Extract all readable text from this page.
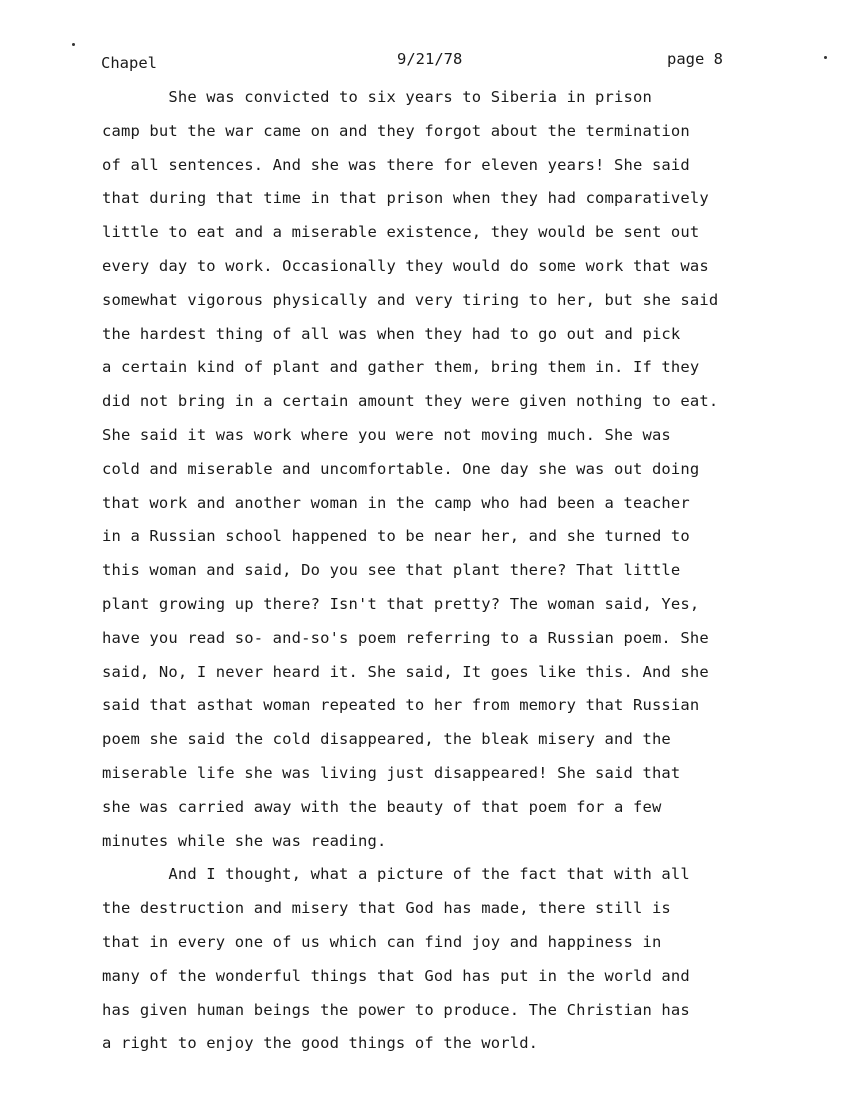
Chapel	9/21/78	page 8
She was convicted to six years to Siberia in prison
camp but the war came on and they forgot about the termination
of all sentences. And she was there for eleven years! She said
that during that time in that prison when they had comparatively
little to eat and a miserable existence, they would be sent out
every day to work. Occasionally they would do some work that was
somewhat vigorous physically and very tiring to her, but she said
the hardest thing of all was when they had to go out and pick
a certain kind of plant and gather them, bring them in. If they
did not bring in a certain amount they were given nothing to eat.
She said it was work where you were not moving much. She was
cold and miserable and uncomfortable. One day she was out doing
that work and another woman in the camp who had been a teacher
in a Russian school happened to be near her, and she turned to
this woman and said, Do you see that plant there? That little
plant growing up there? Isn't that pretty? The woman said, Yes,
have you read so- and-so's poem referring to a Russian poem. She
said, No, I never heard it. She said, It goes like this. And she
said that asthat woman repeated to her from memory that Russian
poem she said the cold disappeared, the bleak misery and the
miserable life she was living just disappeared! She said that
she was carried away with the beauty of that poem for a few
minutes while she was reading.
And I thought, what a picture of the fact that with all
the destruction and misery that God has made, there still is
that in every one of us which can find joy and happiness in
many of the wonderful things that God has put in the world and
has given human beings the power to produce. The Christian has
a right to enjoy the good things of the world.
